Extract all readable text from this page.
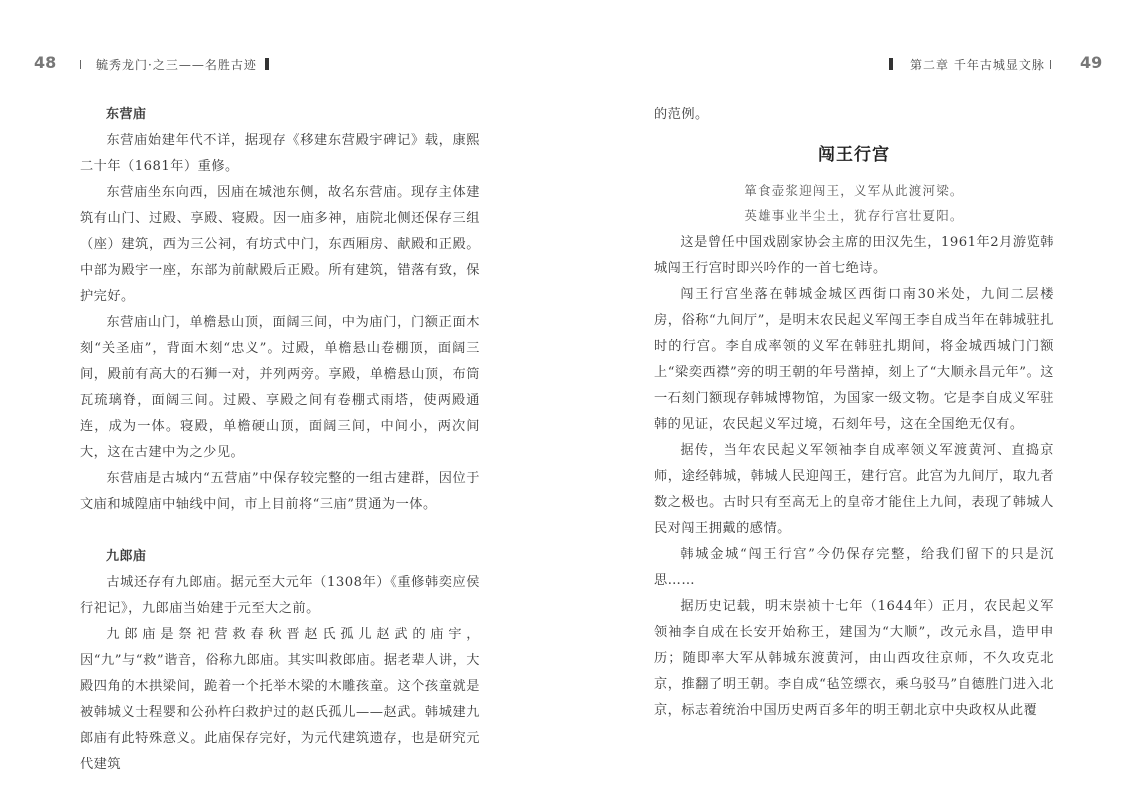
48	毓秀龙门·之三——名胜古迹

东营庙

东营庙始建年代不详，据现存《移建东营殿宇碑记》载，康熙二十年（1681年）重修。

东营庙坐东向西，因庙在城池东侧，故名东营庙。现存主体建筑有山门、过殿、享殿、寝殿。因一庙多神，庙院北侧还保存三组（座）建筑，西为三公祠，有坊式中门，东西厢房、献殿和正殿。中部为殿宇一座，东部为前献殿后正殿。所有建筑，错落有致，保护完好。

东营庙山门，单檐悬山顶，面阔三间，中为庙门，门额正面木刻“关圣庙”，背面木刻“忠义”。过殿，单檐悬山卷棚顶，面阔三间，殿前有高大的石狮一对，并列两旁。享殿，单檐悬山顶，布筒瓦琉璃脊，面阔三间。过殿、享殿之间有卷棚式雨塔，使两殿通连，成为一体。寝殿，单檐硬山顶，面阔三间，中间小，两次间大，这在古建中为之少见。

东营庙是古城内“五营庙”中保存较完整的一组古建群，因位于文庙和城隍庙中轴线中间，市上目前将“三庙”贯通为一体。

九郎庙

古城还存有九郎庙。据元至大元年（1308年）《重修韩奕应侯行祀记》，九郎庙当始建于元至大之前。

九郎庙是祭祀营救春秋晋赵氏孤儿赵武的庙宇，因“九”与“救”谐音，俗称九郎庙。其实叫救郎庙。据老辈人讲，大殿四角的木拱梁间，跪着一个托举木梁的木雕孩童。这个孩童就是被韩城义士程婴和公孙杵臼救护过的赵氏孤儿——赵武。韩城建九郎庙有此特殊意义。此庙保存完好，为元代建筑遗存，也是研究元代建筑

第二章 千年古城显文脉 49

的范例。

闯王行宫
箪食壶浆迎闯王，义军从此渡河梁。
英雄事业半尘土，犹存行宫壮夏阳。

这是曾任中国戏剧家协会主席的田汉先生，1961年2月游览韩城闯王行宫时即兴吟作的一首七绝诗。

闯王行宫坐落在韩城金城区西街口南30米处，九间二层楼房，俗称“九间厅”，是明末农民起义军闯王李自成当年在韩城驻扎时的行宫。李自成率领的义军在韩驻扎期间，将金城西城门门额上“梁奕西襟”旁的明王朝的年号凿掉，刻上了“大顺永昌元年”。这一石刻门额现存韩城博物馆，为国家一级文物。它是李自成义军驻韩的见证，农民起义军过境，石刻年号，这在全国绝无仅有。

据传，当年农民起义军领袖李自成率领义军渡黄河、直捣京师，途经韩城，韩城人民迎闯王，建行宫。此宫为九间厅，取九者数之极也。古时只有至高无上的皇帝才能住上九间，表现了韩城人民对闯王拥戴的感情。

韩城金城“闯王行宫”今仍保存完整，给我们留下的只是沉思……

据历史记载，明末崇祯十七年（1644年）正月，农民起义军领袖李自成在长安开始称王，建国为“大顺”，改元永昌，造甲申历；随即率大军从韩城东渡黄河，由山西攻往京师，不久攻克北京，推翻了明王朝。李自成“毡笠缥衣，乘乌驳马”自德胜门进入北京，标志着统治中国历史两百多年的明王朝北京中央政权从此覆
